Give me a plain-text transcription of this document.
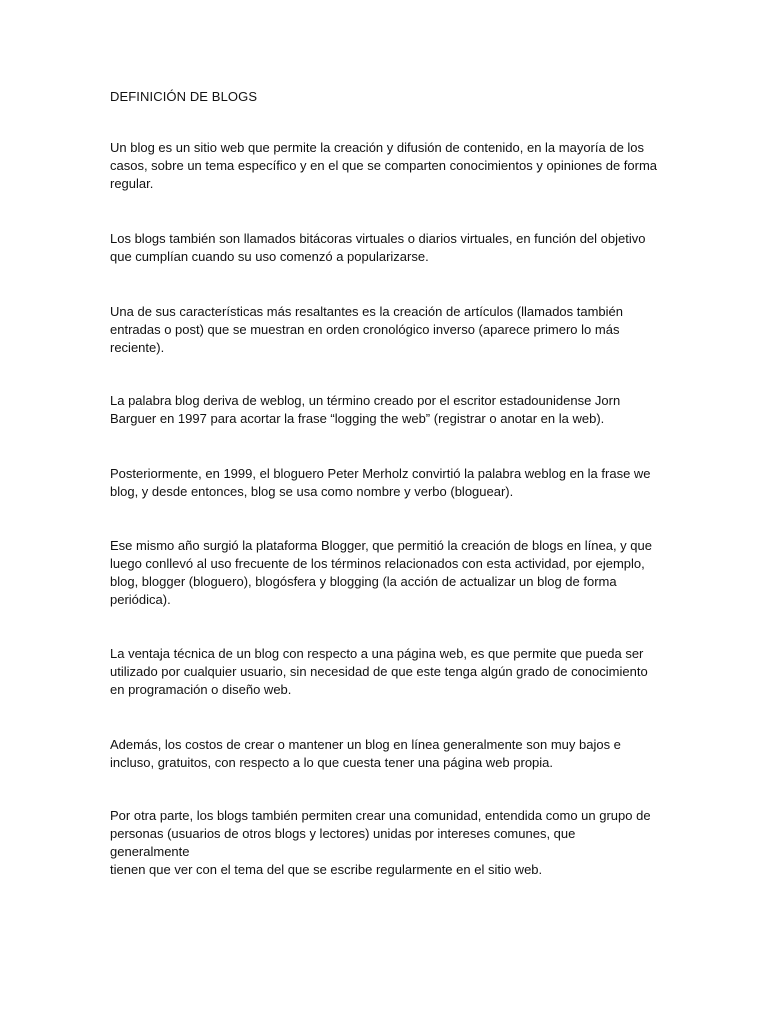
DEFINICIÓN DE BLOGS

Un blog es un sitio web que permite la creación y difusión de contenido, en la mayoría de los
casos, sobre un tema específico y en el que se comparten conocimientos y opiniones de forma
regular.

Los blogs también son llamados bitácoras virtuales o diarios virtuales, en función del objetivo
que cumplían cuando su uso comenzó a popularizarse.

Una de sus características más resaltantes es la creación de artículos (llamados también
entradas o post) que se muestran en orden cronológico inverso (aparece primero lo más
reciente).

La palabra blog deriva de weblog, un término creado por el escritor estadounidense Jorn
Barguer en 1997 para acortar la frase “logging the web” (registrar o anotar en la web).

Posteriormente, en 1999, el bloguero Peter Merholz convirtió la palabra weblog en la frase we
blog, y desde entonces, blog se usa como nombre y verbo (bloguear).

Ese mismo año surgió la plataforma Blogger, que permitió la creación de blogs en línea, y que
luego conllevó al uso frecuente de los términos relacionados con esta actividad, por ejemplo,
blog, blogger (bloguero), blogósfera y blogging (la acción de actualizar un blog de forma
periódica).

La ventaja técnica de un blog con respecto a una página web, es que permite que pueda ser
utilizado por cualquier usuario, sin necesidad de que este tenga algún grado de conocimiento
en programación o diseño web.

Además, los costos de crear o mantener un blog en línea generalmente son muy bajos e
incluso, gratuitos, con respecto a lo que cuesta tener una página web propia.

Por otra parte, los blogs también permiten crear una comunidad, entendida como un grupo de
personas (usuarios de otros blogs y lectores) unidas por intereses comunes, que generalmente
tienen que ver con el tema del que se escribe regularmente en el sitio web.
